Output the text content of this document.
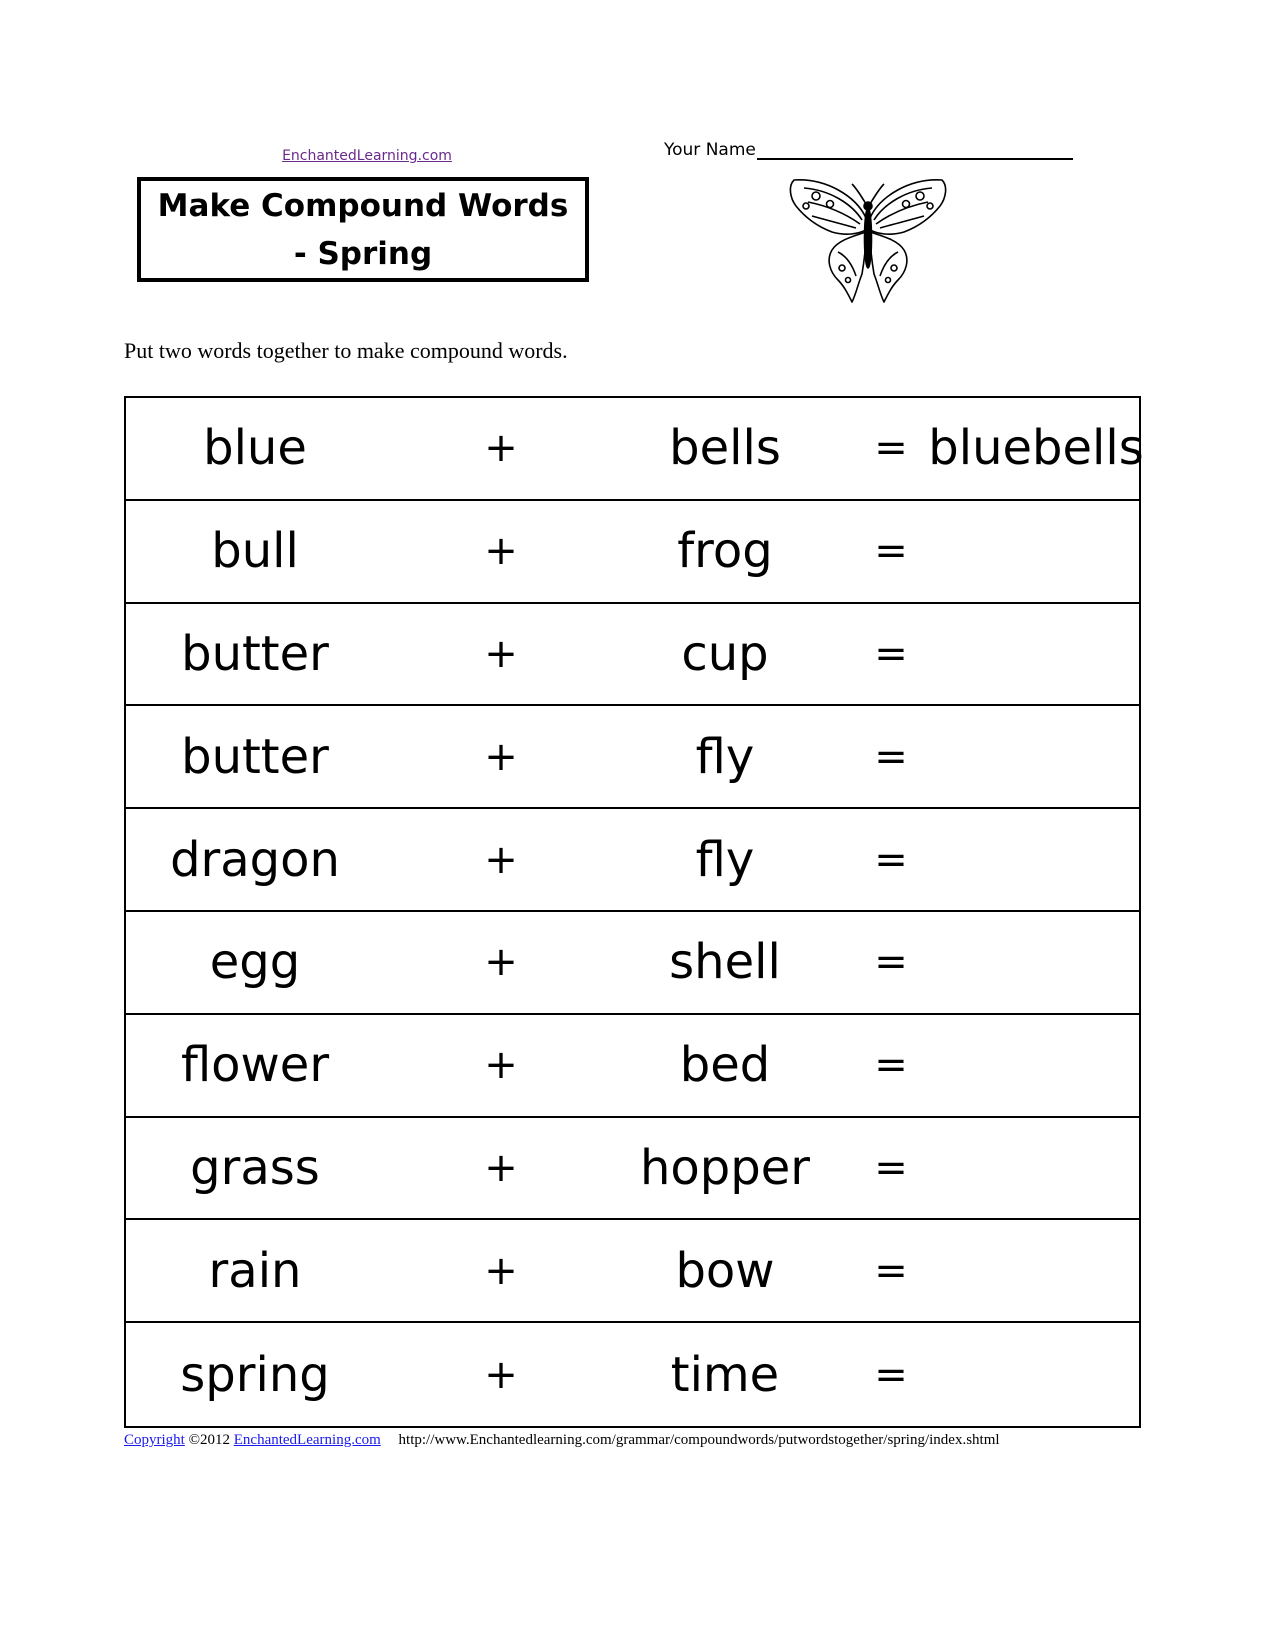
EnchantedLearning.com
Make Compound Words - Spring
Your Name
Put two words together to make compound words.
blue	+	bells	= bluebells
bull	+	frog	=
butter	+	cup	=
butter	+	fly	=
dragon	+	fly	=
egg	+	shell	=
flower	+	bed	=
grass	+	hopper	=
rain	+	bow	=
spring	+	time	=
Copyright ©2012 EnchantedLearning.com http://www.Enchantedlearning.com/grammar/compoundwords/putwordstogether/spring/index.shtml
